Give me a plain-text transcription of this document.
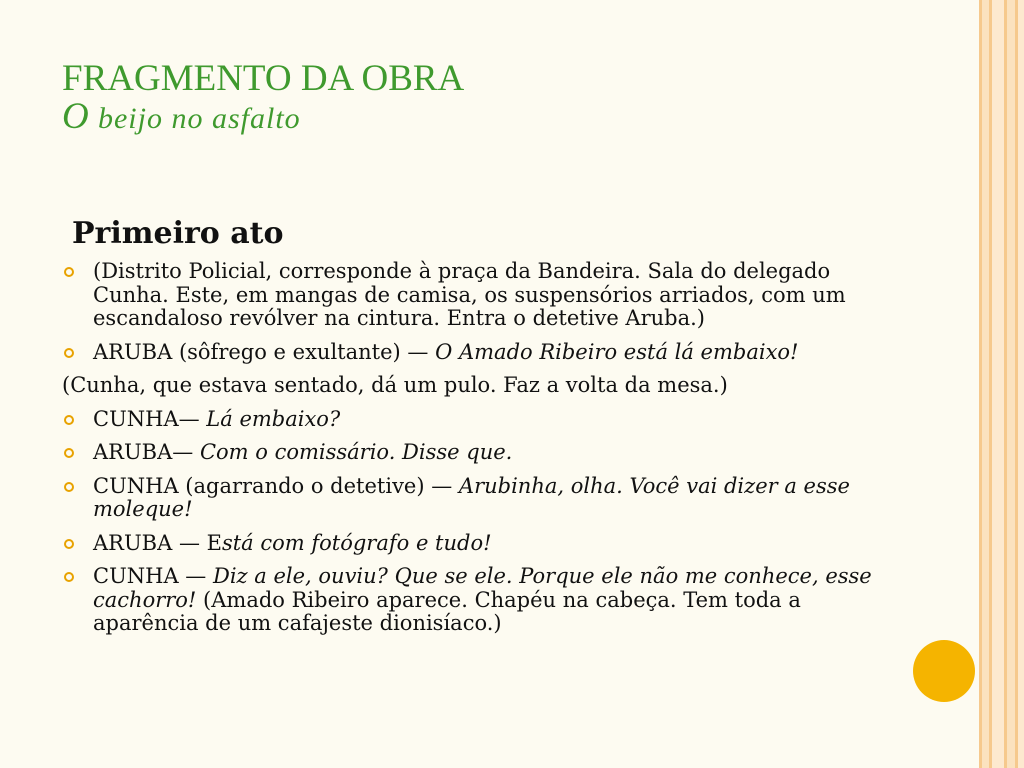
FRAGMENTO DA OBRA
O beijo no asfalto
Primeiro ato
(Distrito Policial, corresponde à praça da Bandeira. Sala do delegado Cunha. Este, em mangas de camisa, os suspensórios arriados, com um escandaloso revólver na cintura. Entra o detetive Aruba.)
ARUBA (sôfrego e exultante) — O Amado Ribeiro está lá embaixo!
(Cunha, que estava sentado, dá um pulo. Faz a volta da mesa.)
CUNHA— Lá embaixo?
ARUBA— Com o comissário. Disse que.
CUNHA (agarrando o detetive) — Arubinha, olha. Você vai dizer a esse moleque!
ARUBA — Está com fotógrafo e tudo!
CUNHA — Diz a ele, ouviu? Que se ele. Porque ele não me conhece, esse cachorro! (Amado Ribeiro aparece. Chapéu na cabeça. Tem toda a aparência de um cafajeste dionisíaco.)
